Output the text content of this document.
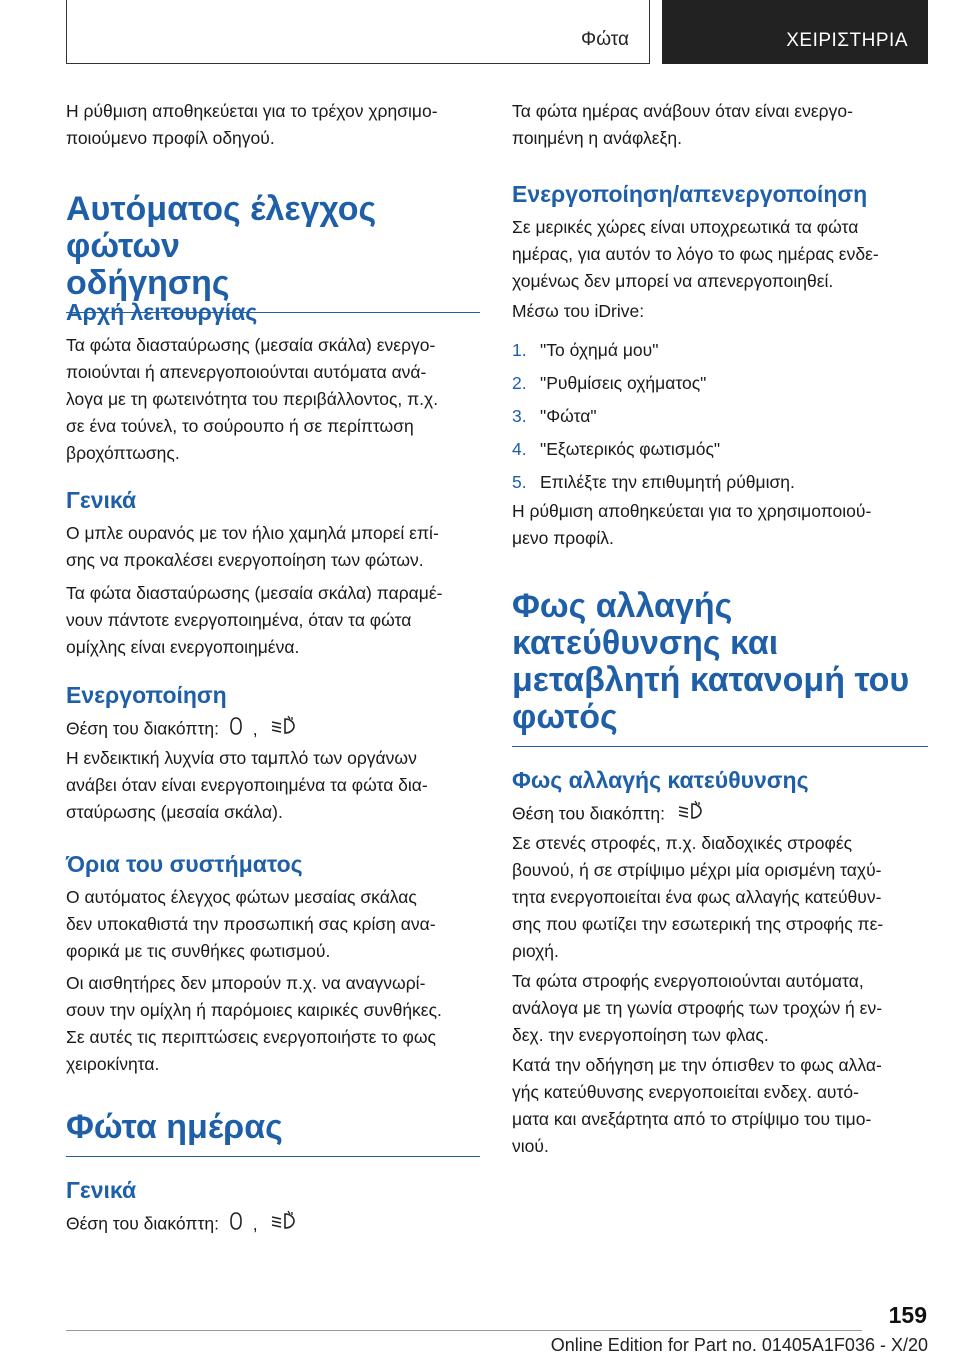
Φώτα	ΧΕΙΡΙΣΤΗΡΙΑ

Η ρύθμιση αποθηκεύεται για το τρέχον χρησιμο‐
ποιούμενο προφίλ οδηγού.

Αυτόματος έλεγχος φώτων
οδήγησης
Αρχή λειτουργίας

Τα φώτα διασταύρωσης (μεσαία σκάλα) ενεργο‐
ποιούνται ή απενεργοποιούνται αυτόματα ανά‐
λογα με τη φωτεινότητα του περιβάλλοντος, π.χ.
σε ένα τούνελ, το σούρουπο ή σε περίπτωση
βροχόπτωσης.

Γενικά

Ο μπλε ουρανός με τον ήλιο χαμηλά μπορεί επί‐
σης να προκαλέσει ενεργοποίηση των φώτων.

Τα φώτα διασταύρωσης (μεσαία σκάλα) παραμέ‐
νουν πάντοτε ενεργοποιημένα, όταν τα φώτα
ομίχλης είναι ενεργοποιημένα.

Ενεργοποίηση

Θέση του διακόπτη: ,

Η ενδεικτική λυχνία στο ταμπλό των οργάνων
ανάβει όταν είναι ενεργοποιημένα τα φώτα δια‐
σταύρωσης (μεσαία σκάλα).

Όρια του συστήματος

Ο αυτόματος έλεγχος φώτων μεσαίας σκάλας
δεν υποκαθιστά την προσωπική σας κρίση ανα‐
φορικά με τις συνθήκες φωτισμού.

Οι αισθητήρες δεν μπορούν π.χ. να αναγνωρί‐
σουν την ομίχλη ή παρόμοιες καιρικές συνθήκες.
Σε αυτές τις περιπτώσεις ενεργοποιήστε το φως
χειροκίνητα.

Φώτα ημέρας
Γενικά

Θέση του διακόπτη: ,

Τα φώτα ημέρας ανάβουν όταν είναι ενεργο‐
ποιημένη η ανάφλεξη.

Ενεργοποίηση/απενεργοποίηση

Σε μερικές χώρες είναι υποχρεωτικά τα φώτα
ημέρας, για αυτόν το λόγο το φως ημέρας ενδε‐
χομένως δεν μπορεί να απενεργοποιηθεί.

Μέσω του iDrive:

1. "Το όχημά μου"
2. "Ρυθμίσεις οχήματος"
3. "Φώτα"
4. "Εξωτερικός φωτισμός"
5. Επιλέξτε την επιθυμητή ρύθμιση.

Η ρύθμιση αποθηκεύεται για το χρησιμοποιού‐
μενο προφίλ.

Φως αλλαγής
κατεύθυνσης και
μεταβλητή κατανομή του
φωτός
Φως αλλαγής κατεύθυνσης

Θέση του διακόπτη:

Σε στενές στροφές, π.χ. διαδοχικές στροφές
βουνού, ή σε στρίψιμο μέχρι μία ορισμένη ταχύ‐
τητα ενεργοποιείται ένα φως αλλαγής κατεύθυν‐
σης που φωτίζει την εσωτερική της στροφής πε‐
ριοχή.

Τα φώτα στροφής ενεργοποιούνται αυτόματα,
ανάλογα με τη γωνία στροφής των τροχών ή εν‐
δεχ. την ενεργοποίηση των φλας.

Κατά την οδήγηση με την όπισθεν το φως αλλα‐
γής κατεύθυνσης ενεργοποιείται ενδεχ. αυτό‐
ματα και ανεξάρτητα από το στρίψιμο του τιμο‐
νιού.

159
Online Edition for Part no. 01405A1F036 - X/20
